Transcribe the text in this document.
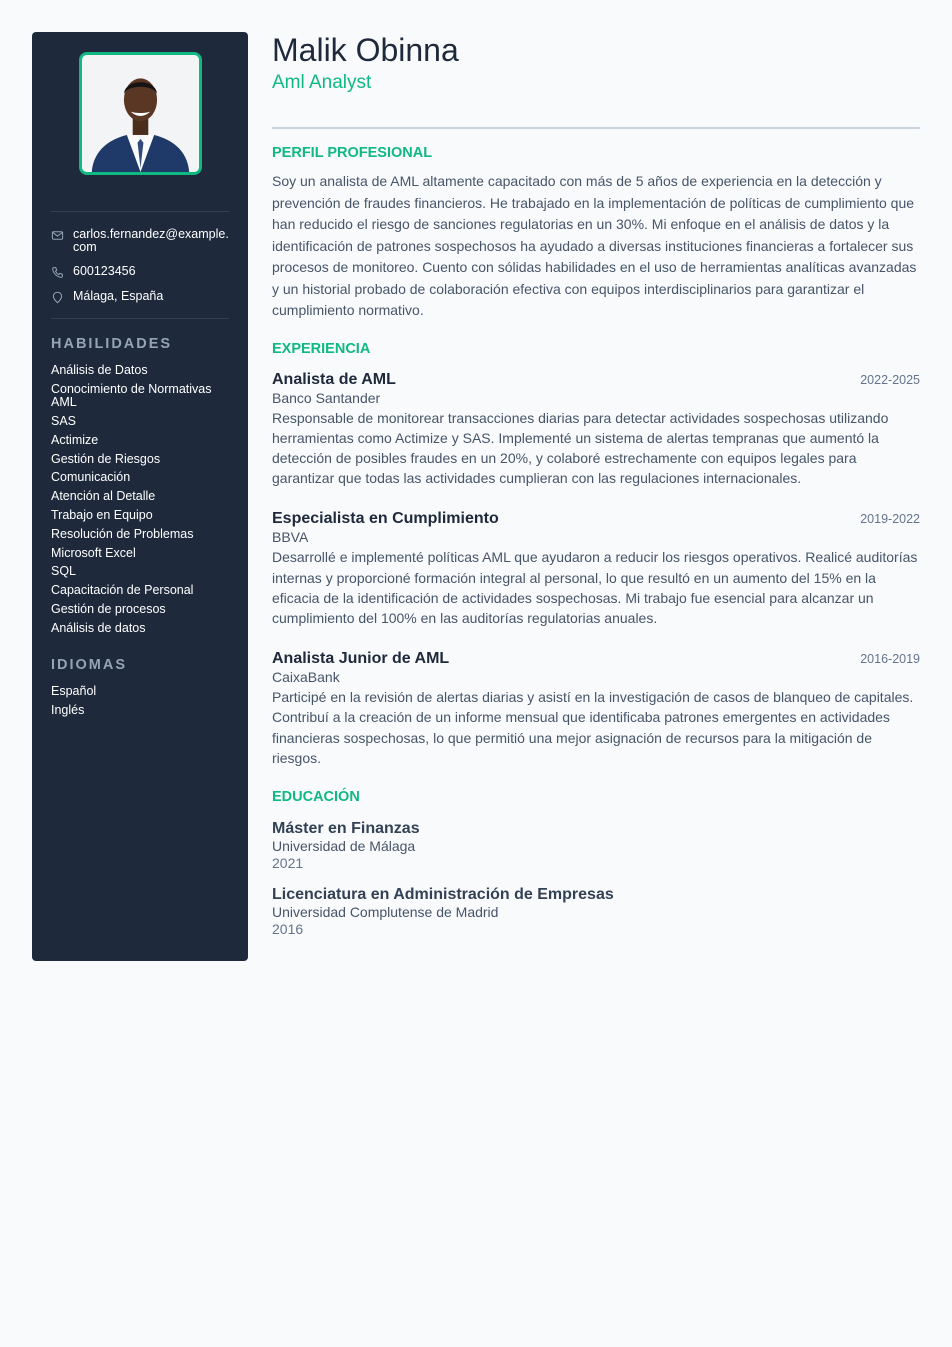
carlos.fernandez@example.com
600123456
Málaga, España
HABILIDADES
Análisis de Datos
Conocimiento de Normativas AML
SAS
Actimize
Gestión de Riesgos
Comunicación
Atención al Detalle
Trabajo en Equipo
Resolución de Problemas
Microsoft Excel
SQL
Capacitación de Personal
Gestión de procesos
Análisis de datos
IDIOMAS
Español
Inglés
Malik Obinna
Aml Analyst
PERFIL PROFESIONAL

Soy un analista de AML altamente capacitado con más de 5 años de experiencia en la detección y prevención de fraudes financieros. He trabajado en la implementación de políticas de cumplimiento que han reducido el riesgo de sanciones regulatorias en un 30%. Mi enfoque en el análisis de datos y la identificación de patrones sospechosos ha ayudado a diversas instituciones financieras a fortalecer sus procesos de monitoreo. Cuento con sólidas habilidades en el uso de herramientas analíticas avanzadas y un historial probado de colaboración efectiva con equipos interdisciplinarios para garantizar el cumplimiento normativo.

EXPERIENCIA
Analista de AML	2022-2025
Banco Santander
Responsable de monitorear transacciones diarias para detectar actividades sospechosas utilizando herramientas como Actimize y SAS. Implementé un sistema de alertas tempranas que aumentó la detección de posibles fraudes en un 20%, y colaboré estrechamente con equipos legales para garantizar que todas las actividades cumplieran con las regulaciones internacionales.
Especialista en Cumplimiento	2019-2022
BBVA
Desarrollé e implementé políticas AML que ayudaron a reducir los riesgos operativos. Realicé auditorías internas y proporcioné formación integral al personal, lo que resultó en un aumento del 15% en la eficacia de la identificación de actividades sospechosas. Mi trabajo fue esencial para alcanzar un cumplimiento del 100% en las auditorías regulatorias anuales.
Analista Junior de AML	2016-2019
CaixaBank
Participé en la revisión de alertas diarias y asistí en la investigación de casos de blanqueo de capitales. Contribuí a la creación de un informe mensual que identificaba patrones emergentes en actividades financieras sospechosas, lo que permitió una mejor asignación de recursos para la mitigación de riesgos.
EDUCACIÓN
Máster en Finanzas
Universidad de Málaga
2021
Licenciatura en Administración de Empresas
Universidad Complutense de Madrid
2016
